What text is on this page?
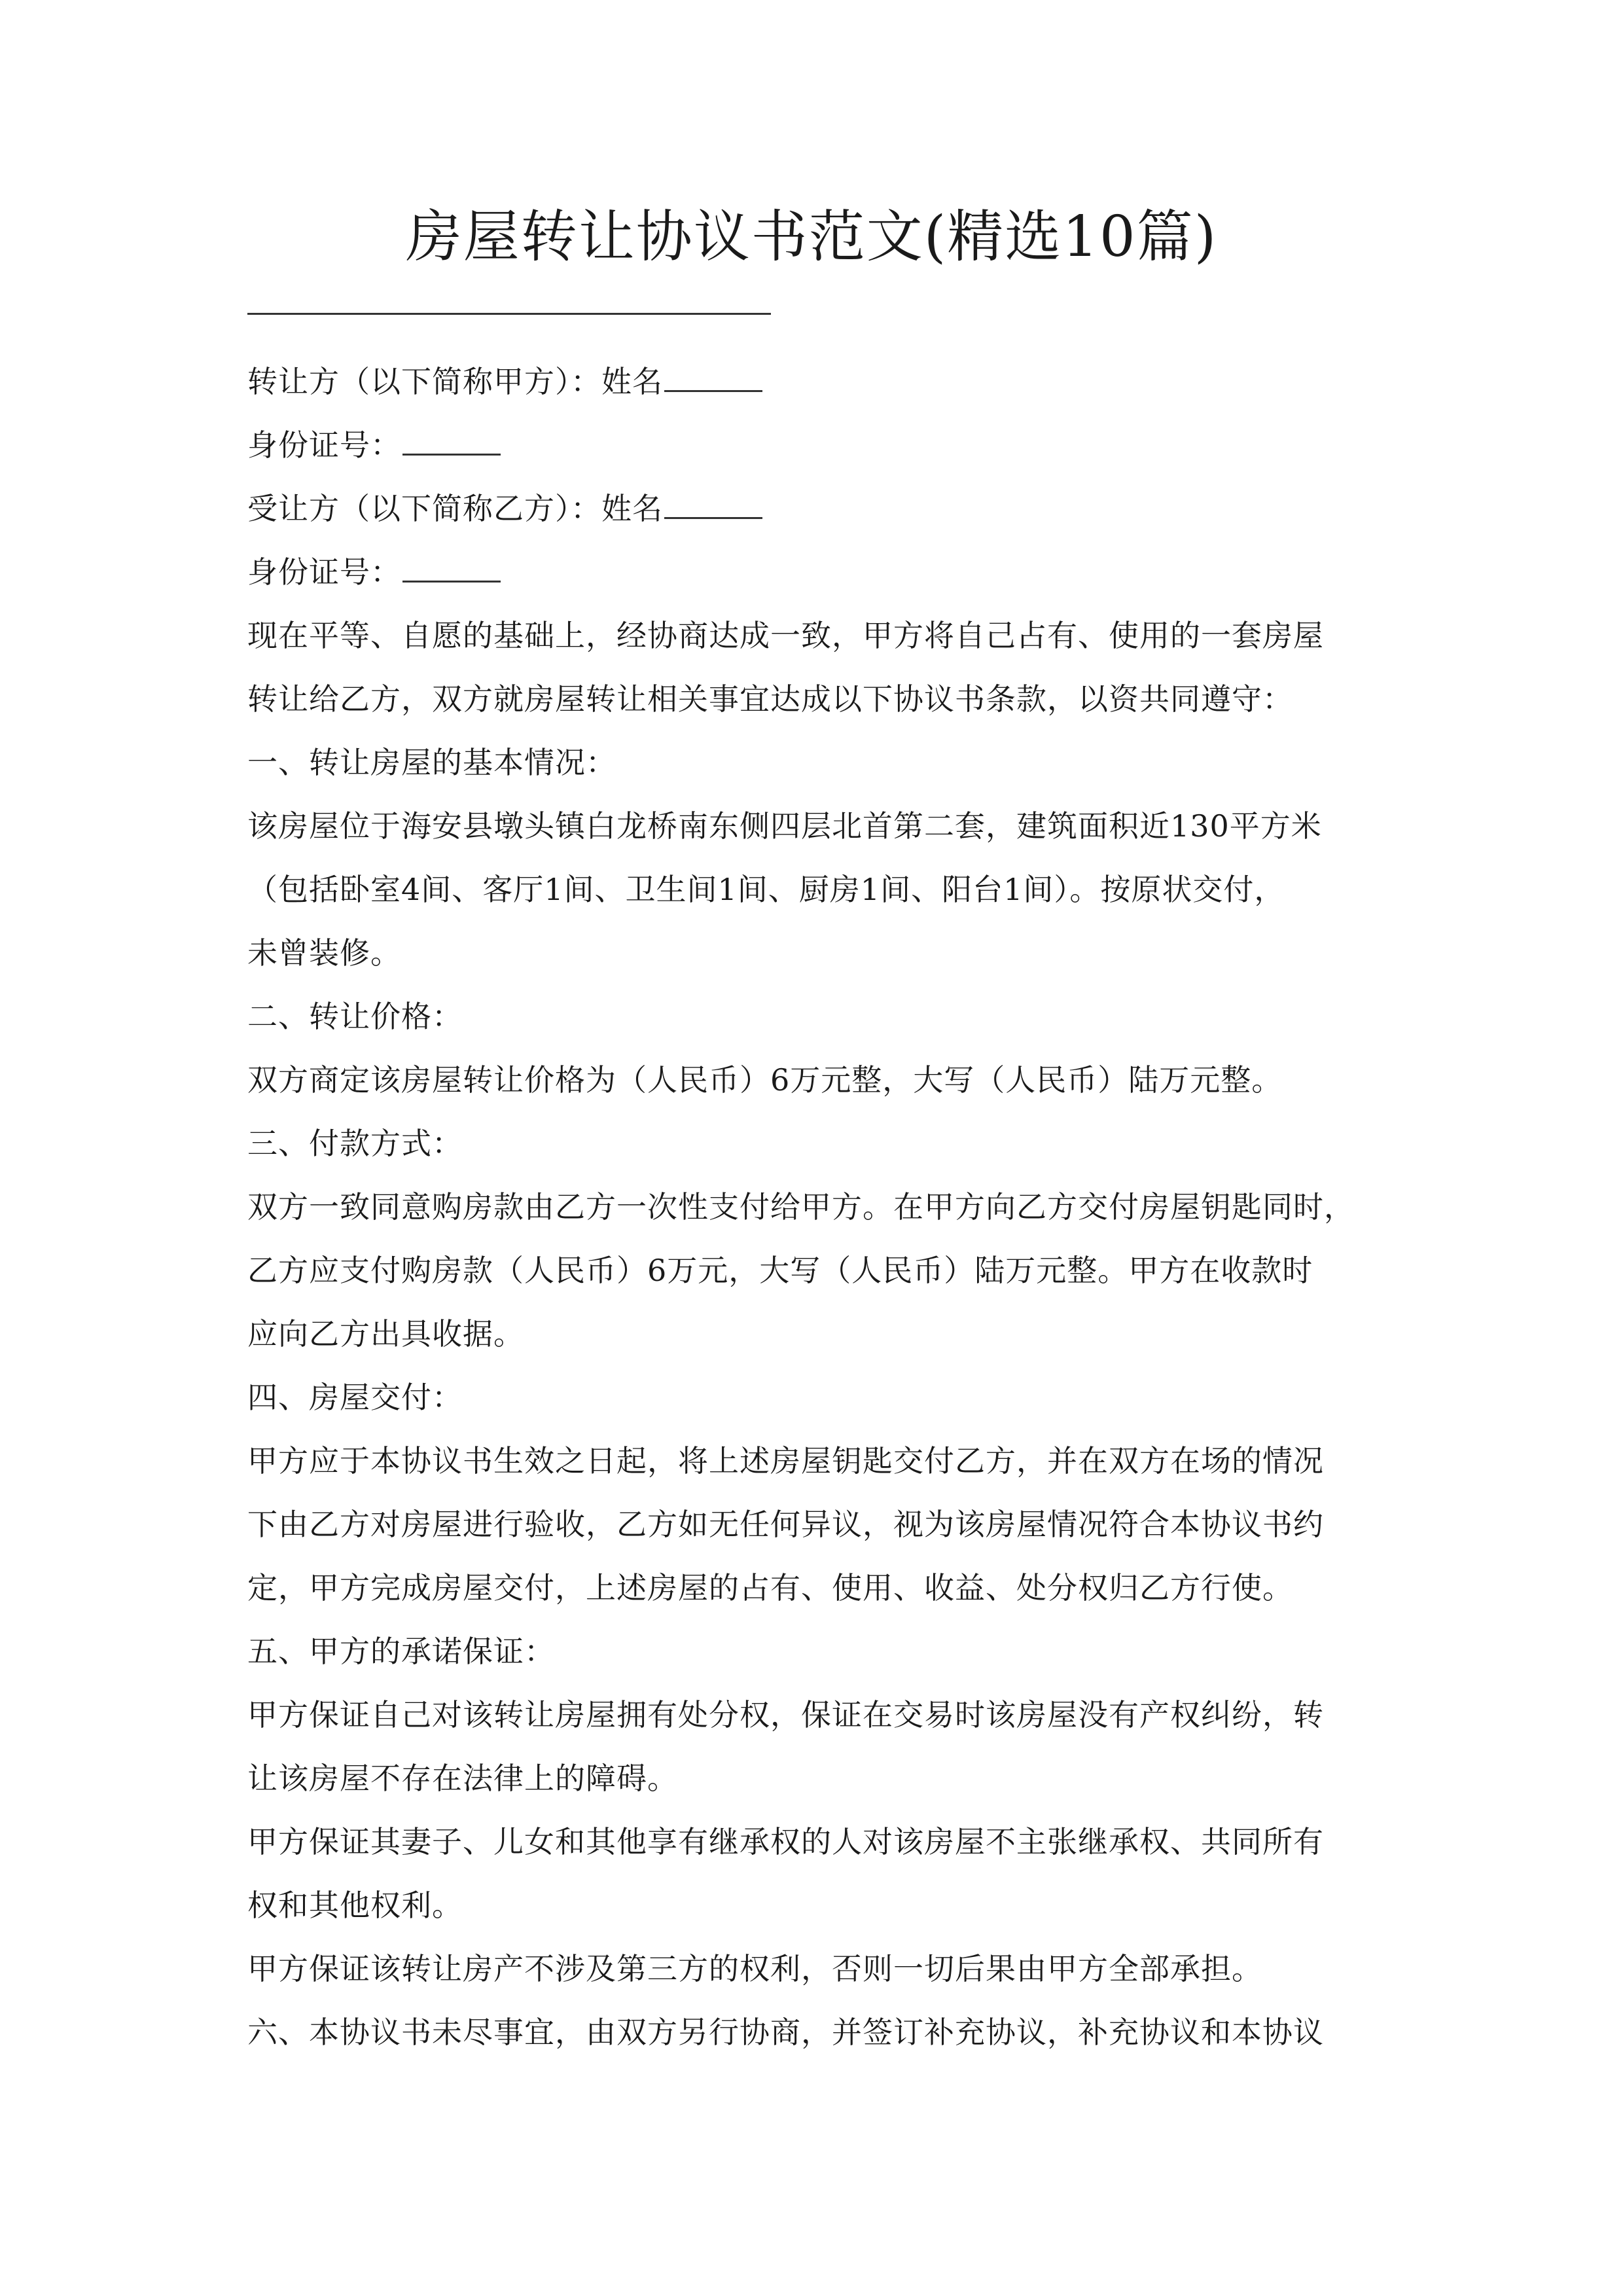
房屋转让协议书范文(精选10篇)

转让方（以下简称甲方）：姓名

身份证号：

受让方（以下简称乙方）：姓名

身份证号：

现在平等、自愿的基础上，经协商达成一致，甲方将自己占有、使用的一套房屋

转让给乙方，双方就房屋转让相关事宜达成以下协议书条款，以资共同遵守：

一、转让房屋的基本情况：

该房屋位于海安县墩头镇白龙桥南东侧四层北首第二套，建筑面积近130平方米

（包括卧室4间、客厅1间、卫生间1间、厨房1间、阳台1间）。按原状交付，

未曾装修。

二、转让价格：

双方商定该房屋转让价格为（人民币）6万元整，大写（人民币）陆万元整。

三、付款方式：

双方一致同意购房款由乙方一次性支付给甲方。在甲方向乙方交付房屋钥匙同时，

乙方应支付购房款（人民币）6万元，大写（人民币）陆万元整。甲方在收款时

应向乙方出具收据。

四、房屋交付：

甲方应于本协议书生效之日起，将上述房屋钥匙交付乙方，并在双方在场的情况

下由乙方对房屋进行验收，乙方如无任何异议，视为该房屋情况符合本协议书约

定，甲方完成房屋交付，上述房屋的占有、使用、收益、处分权归乙方行使。

五、甲方的承诺保证：

甲方保证自己对该转让房屋拥有处分权，保证在交易时该房屋没有产权纠纷，转

让该房屋不存在法律上的障碍。

甲方保证其妻子、儿女和其他享有继承权的人对该房屋不主张继承权、共同所有

权和其他权利。

甲方保证该转让房产不涉及第三方的权利，否则一切后果由甲方全部承担。

六、本协议书未尽事宜，由双方另行协商，并签订补充协议，补充协议和本协议
